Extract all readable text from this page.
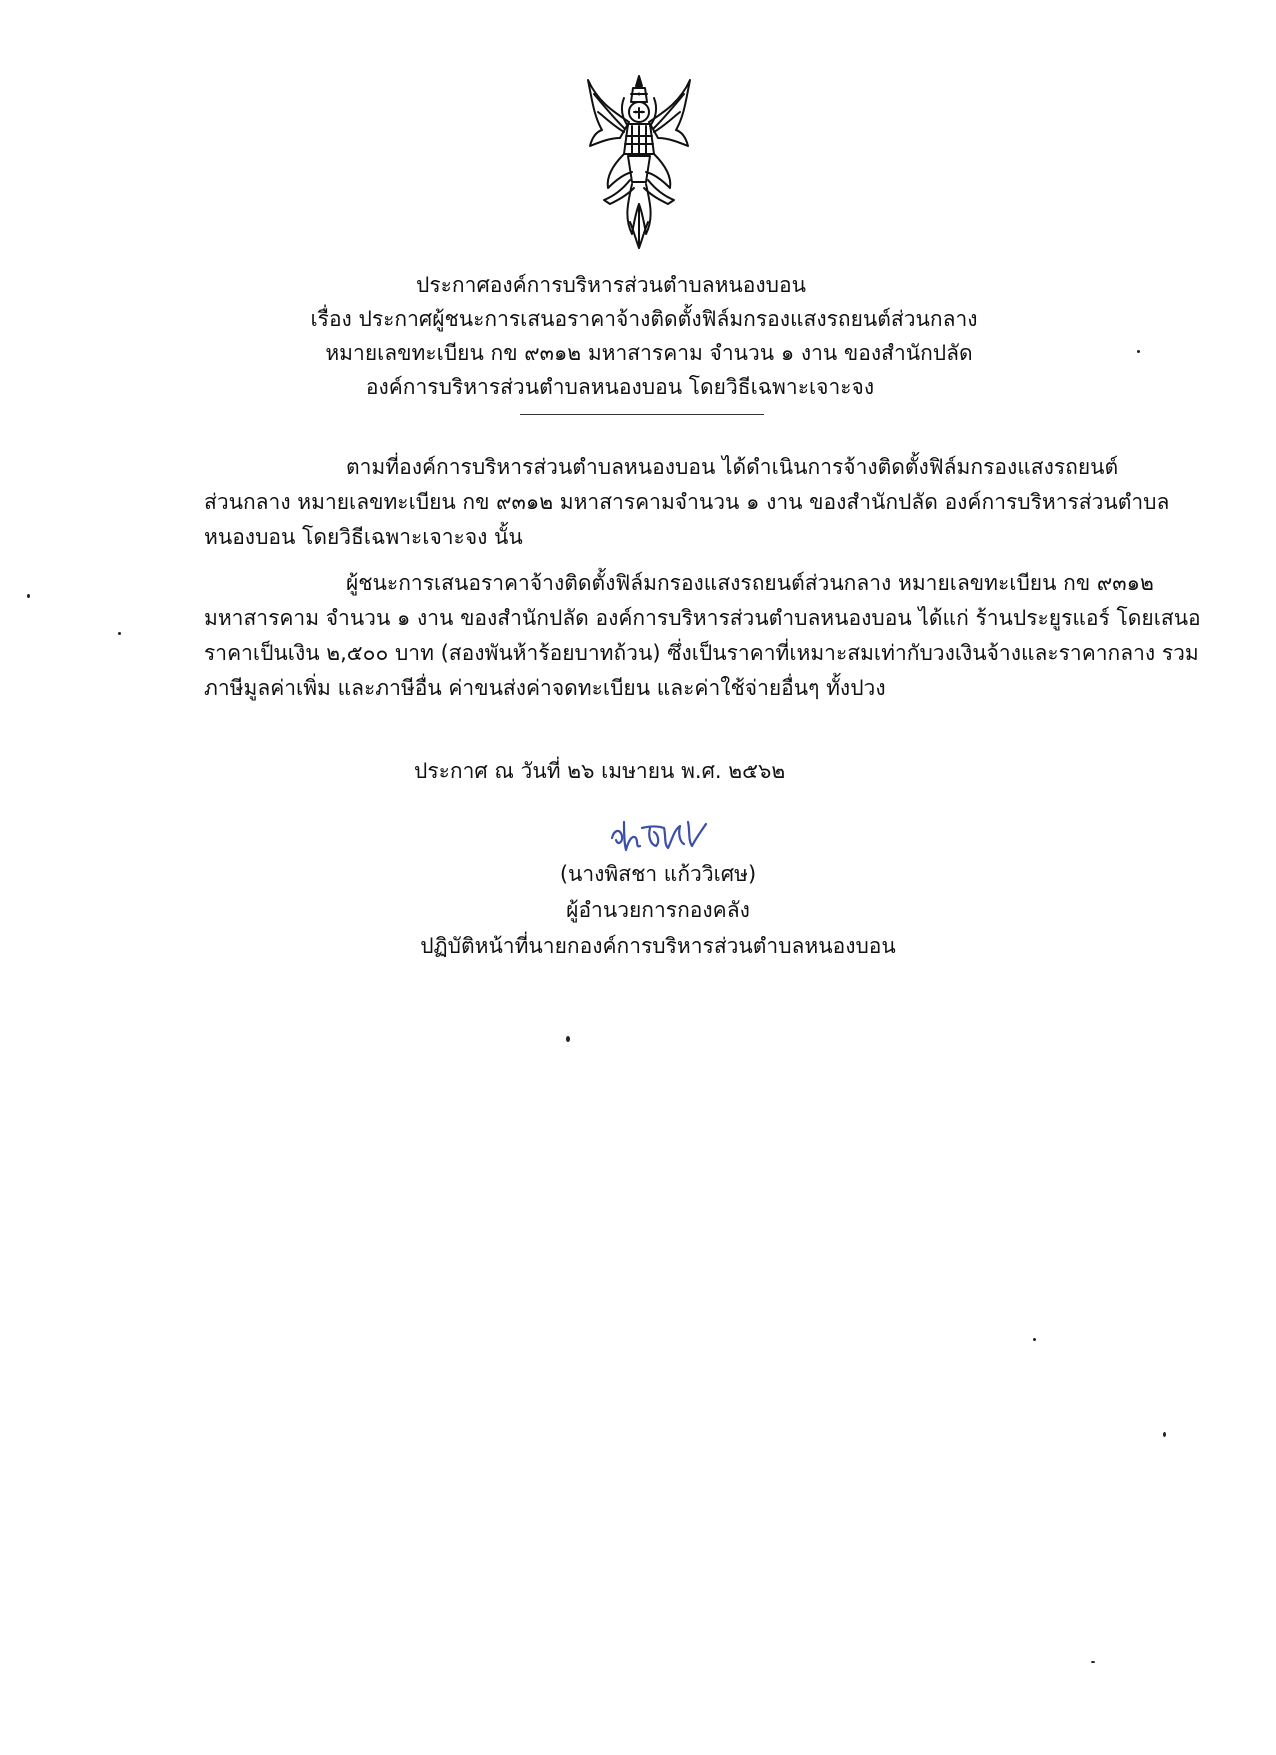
ประกาศองค์การบริหารส่วนตำบลหนองบอน
เรื่อง ประกาศผู้ชนะการเสนอราคาจ้างติดตั้งฟิล์มกรองแสงรถยนต์ส่วนกลาง
หมายเลขทะเบียน กข ๙๓๑๒ มหาสารคาม จำนวน ๑ งาน ของสำนักปลัด
องค์การบริหารส่วนตำบลหนองบอน โดยวิธีเฉพาะเจาะจง
ตามที่องค์การบริหารส่วนตำบลหนองบอน ได้ดำเนินการจ้างติดตั้งฟิล์มกรองแสงรถยนต์
ส่วนกลาง หมายเลขทะเบียน กข ๙๓๑๒ มหาสารคามจำนวน ๑ งาน ของสำนักปลัด องค์การบริหารส่วนตำบล
หนองบอน โดยวิธีเฉพาะเจาะจง นั้น
ผู้ชนะการเสนอราคาจ้างติดตั้งฟิล์มกรองแสงรถยนต์ส่วนกลาง หมายเลขทะเบียน กข ๙๓๑๒
มหาสารคาม จำนวน ๑ งาน ของสำนักปลัด องค์การบริหารส่วนตำบลหนองบอน ได้แก่ ร้านประยูรแอร์ โดยเสนอ
ราคาเป็นเงิน ๒,๕๐๐ บาท (สองพันห้าร้อยบาทถ้วน) ซึ่งเป็นราคาที่เหมาะสมเท่ากับวงเงินจ้างและราคากลาง รวม
ภาษีมูลค่าเพิ่ม และภาษีอื่น ค่าขนส่งค่าจดทะเบียน และค่าใช้จ่ายอื่นๆ ทั้งปวง
ประกาศ ณ วันที่ ๒๖ เมษายน พ.ศ. ๒๕๖๒
(นางพิสชา แก้ววิเศษ)
ผู้อำนวยการกองคลัง
ปฏิบัติหน้าที่นายกองค์การบริหารส่วนตำบลหนองบอน
